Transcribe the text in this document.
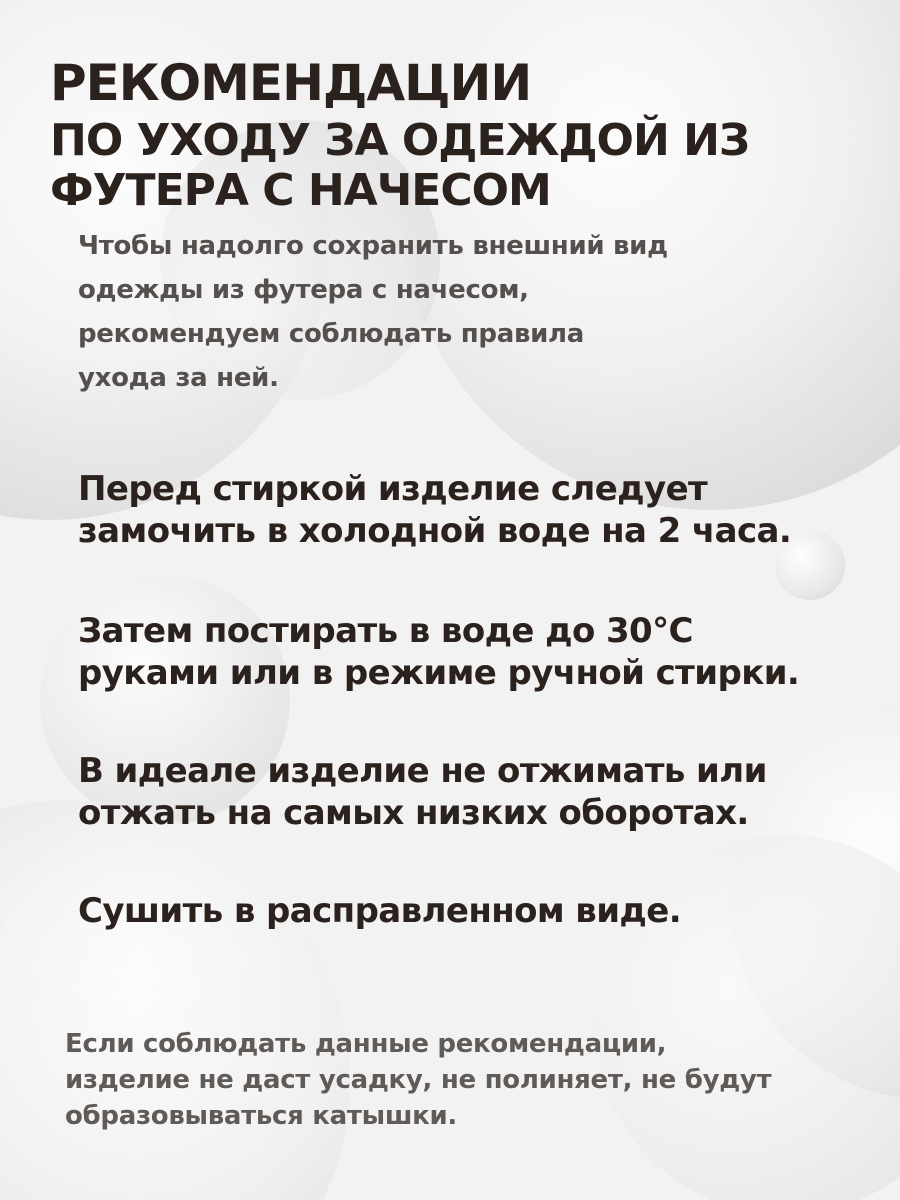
РЕКОМЕНДАЦИИ
ПО УХОДУ ЗА ОДЕЖДОЙ ИЗ
ФУТЕРА С НАЧЕСОМ
Чтобы надолго сохранить внешний вид
одежды из футера с начесом,
рекомендуем соблюдать правила
ухода за ней.

Перед стиркой изделие следует
замочить в холодной воде на 2 часа.

Затем постирать в воде до 30°С
руками или в режиме ручной стирки.

В идеале изделие не отжимать или
отжать на самых низких оборотах.

Сушить в расправленном виде.

Если соблюдать данные рекомендации,
изделие не даст усадку, не полиняет, не будут
образовываться катышки.
